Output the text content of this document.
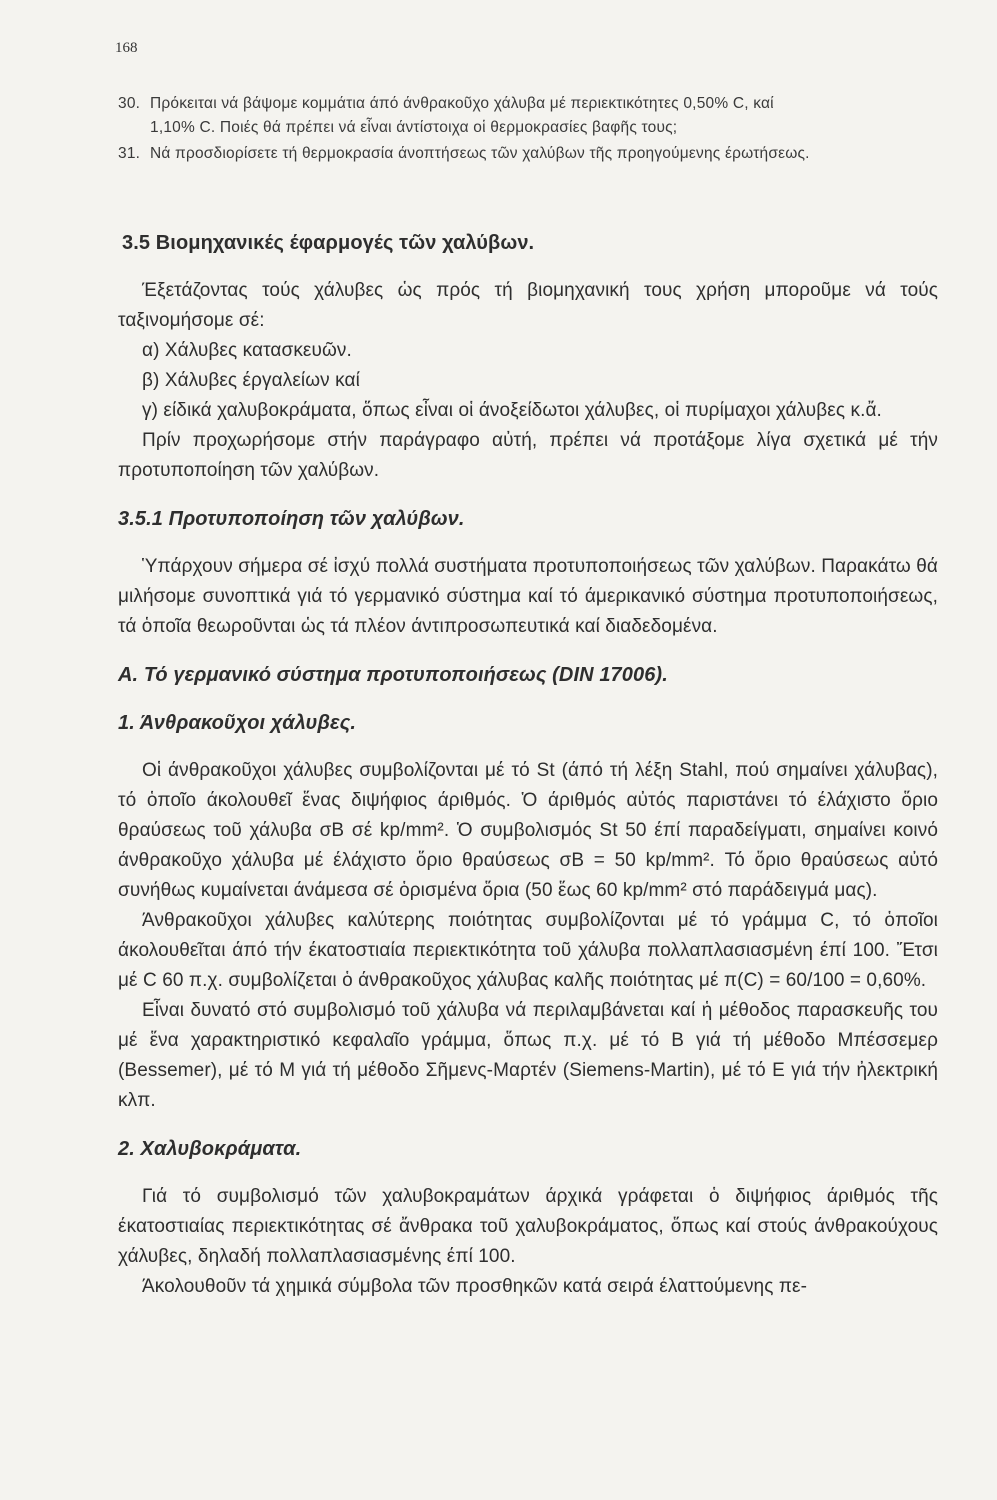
168
30. Πρόκειται νά βάψομε κομμάτια άπό άνθρακοῦχο χάλυβα μέ περιεκτικότητες 0,50% C, καί
1,10% C. Ποιές θά πρέπει νά εἶναι άντίστοιχα οἱ θερμοκρασίες βαφῆς τους;
31. Νά προσδιορίσετε τή θερμοκρασία άνοπτήσεως τῶν χαλύβων τῆς προηγούμενης έρωτήσεως.
3.5 Βιομηχανικές έφαρμογές τῶν χαλύβων.

Έξετάζοντας τούς χάλυβες ὡς πρός τή βιομηχανική τους χρήση μποροῦμε νά τούς ταξινομήσομε σέ:

α) Χάλυβες κατασκευῶν.

β) Χάλυβες έργαλείων καί

γ) είδικά χαλυβοκράματα, ὅπως εἶναι οἱ άνοξείδωτοι χάλυβες, οἱ πυρίμαχοι χάλυβες κ.ἄ.

Πρίν προχωρήσομε στήν παράγραφο αὐτή, πρέπει νά προτάξομε λίγα σχετικά μέ τήν προτυποποίηση τῶν χαλύβων.

3.5.1 Προτυποποίηση τῶν χαλύβων.

Ὑπάρχουν σήμερα σέ ἰσχύ πολλά συστήματα προτυποποιήσεως τῶν χαλύβων. Παρακάτω θά μιλήσομε συνοπτικά γιά τό γερμανικό σύστημα καί τό άμερικανικό σύστημα προτυποποιήσεως, τά ὁποῖα θεωροῦνται ὡς τά πλέον άντιπροσωπευτικά καί διαδεδομένα.

Α. Τό γερμανικό σύστημα προτυποποιήσεως (DIN 17006).
1. Άνθρακοῦχοι χάλυβες.

Οἱ άνθρακοῦχοι χάλυβες συμβολίζονται μέ τό St (άπό τή λέξη Stahl, πού σημαίνει χάλυβας), τό ὁποῖο άκολουθεῖ ἕνας διψήφιος άριθμός. Ὁ άριθμός αὐτός παριστάνει τό έλάχιστο ὅριο θραύσεως τοῦ χάλυβα σB σέ kp/mm². Ὁ συμβολισμός St 50 έπί παραδείγματι, σημαίνει κοινό άνθρακοῦχο χάλυβα μέ έλάχιστο ὅριο θραύσεως σB = 50 kp/mm². Τό ὅριο θραύσεως αὐτό συνήθως κυμαίνεται άνάμεσα σέ ὁρισμένα ὅρια (50 ἕως 60 kp/mm² στό παράδειγμά μας).

Άνθρακοῦχοι χάλυβες καλύτερης ποιότητας συμβολίζονται μέ τό γράμμα C, τό ὁποῖοι άκολουθεῖται άπό τήν έκατοστιαία περιεκτικότητα τοῦ χάλυβα πολλαπλασιασμένη έπί 100. Ἔτσι μέ C 60 π.χ. συμβολίζεται ὁ άνθρακοῦχος χάλυβας καλῆς ποιότητας μέ π(C) = 60/100 = 0,60%.

Εἶναι δυνατό στό συμβολισμό τοῦ χάλυβα νά περιλαμβάνεται καί ἡ μέθοδος παρασκευῆς του μέ ἕνα χαρακτηριστικό κεφαλαῖο γράμμα, ὅπως π.χ. μέ τό B γιά τή μέθοδο Μπέσσεμερ (Bessemer), μέ τό M γιά τή μέθοδο Σῆμενς-Μαρτέν (Siemens-Martin), μέ τό E γιά τήν ἠλεκτρική κλπ.

2. Χαλυβοκράματα.

Γιά τό συμβολισμό τῶν χαλυβοκραμάτων άρχικά γράφεται ὁ διψήφιος άριθμός τῆς έκατοστιαίας περιεκτικότητας σέ ἄνθρακα τοῦ χαλυβοκράματος, ὅπως καί στούς άνθρακούχους χάλυβες, δηλαδή πολλαπλασιασμένης έπί 100.

Άκολουθοῦν τά χημικά σύμβολα τῶν προσθηκῶν κατά σειρά έλαττούμενης πε-
